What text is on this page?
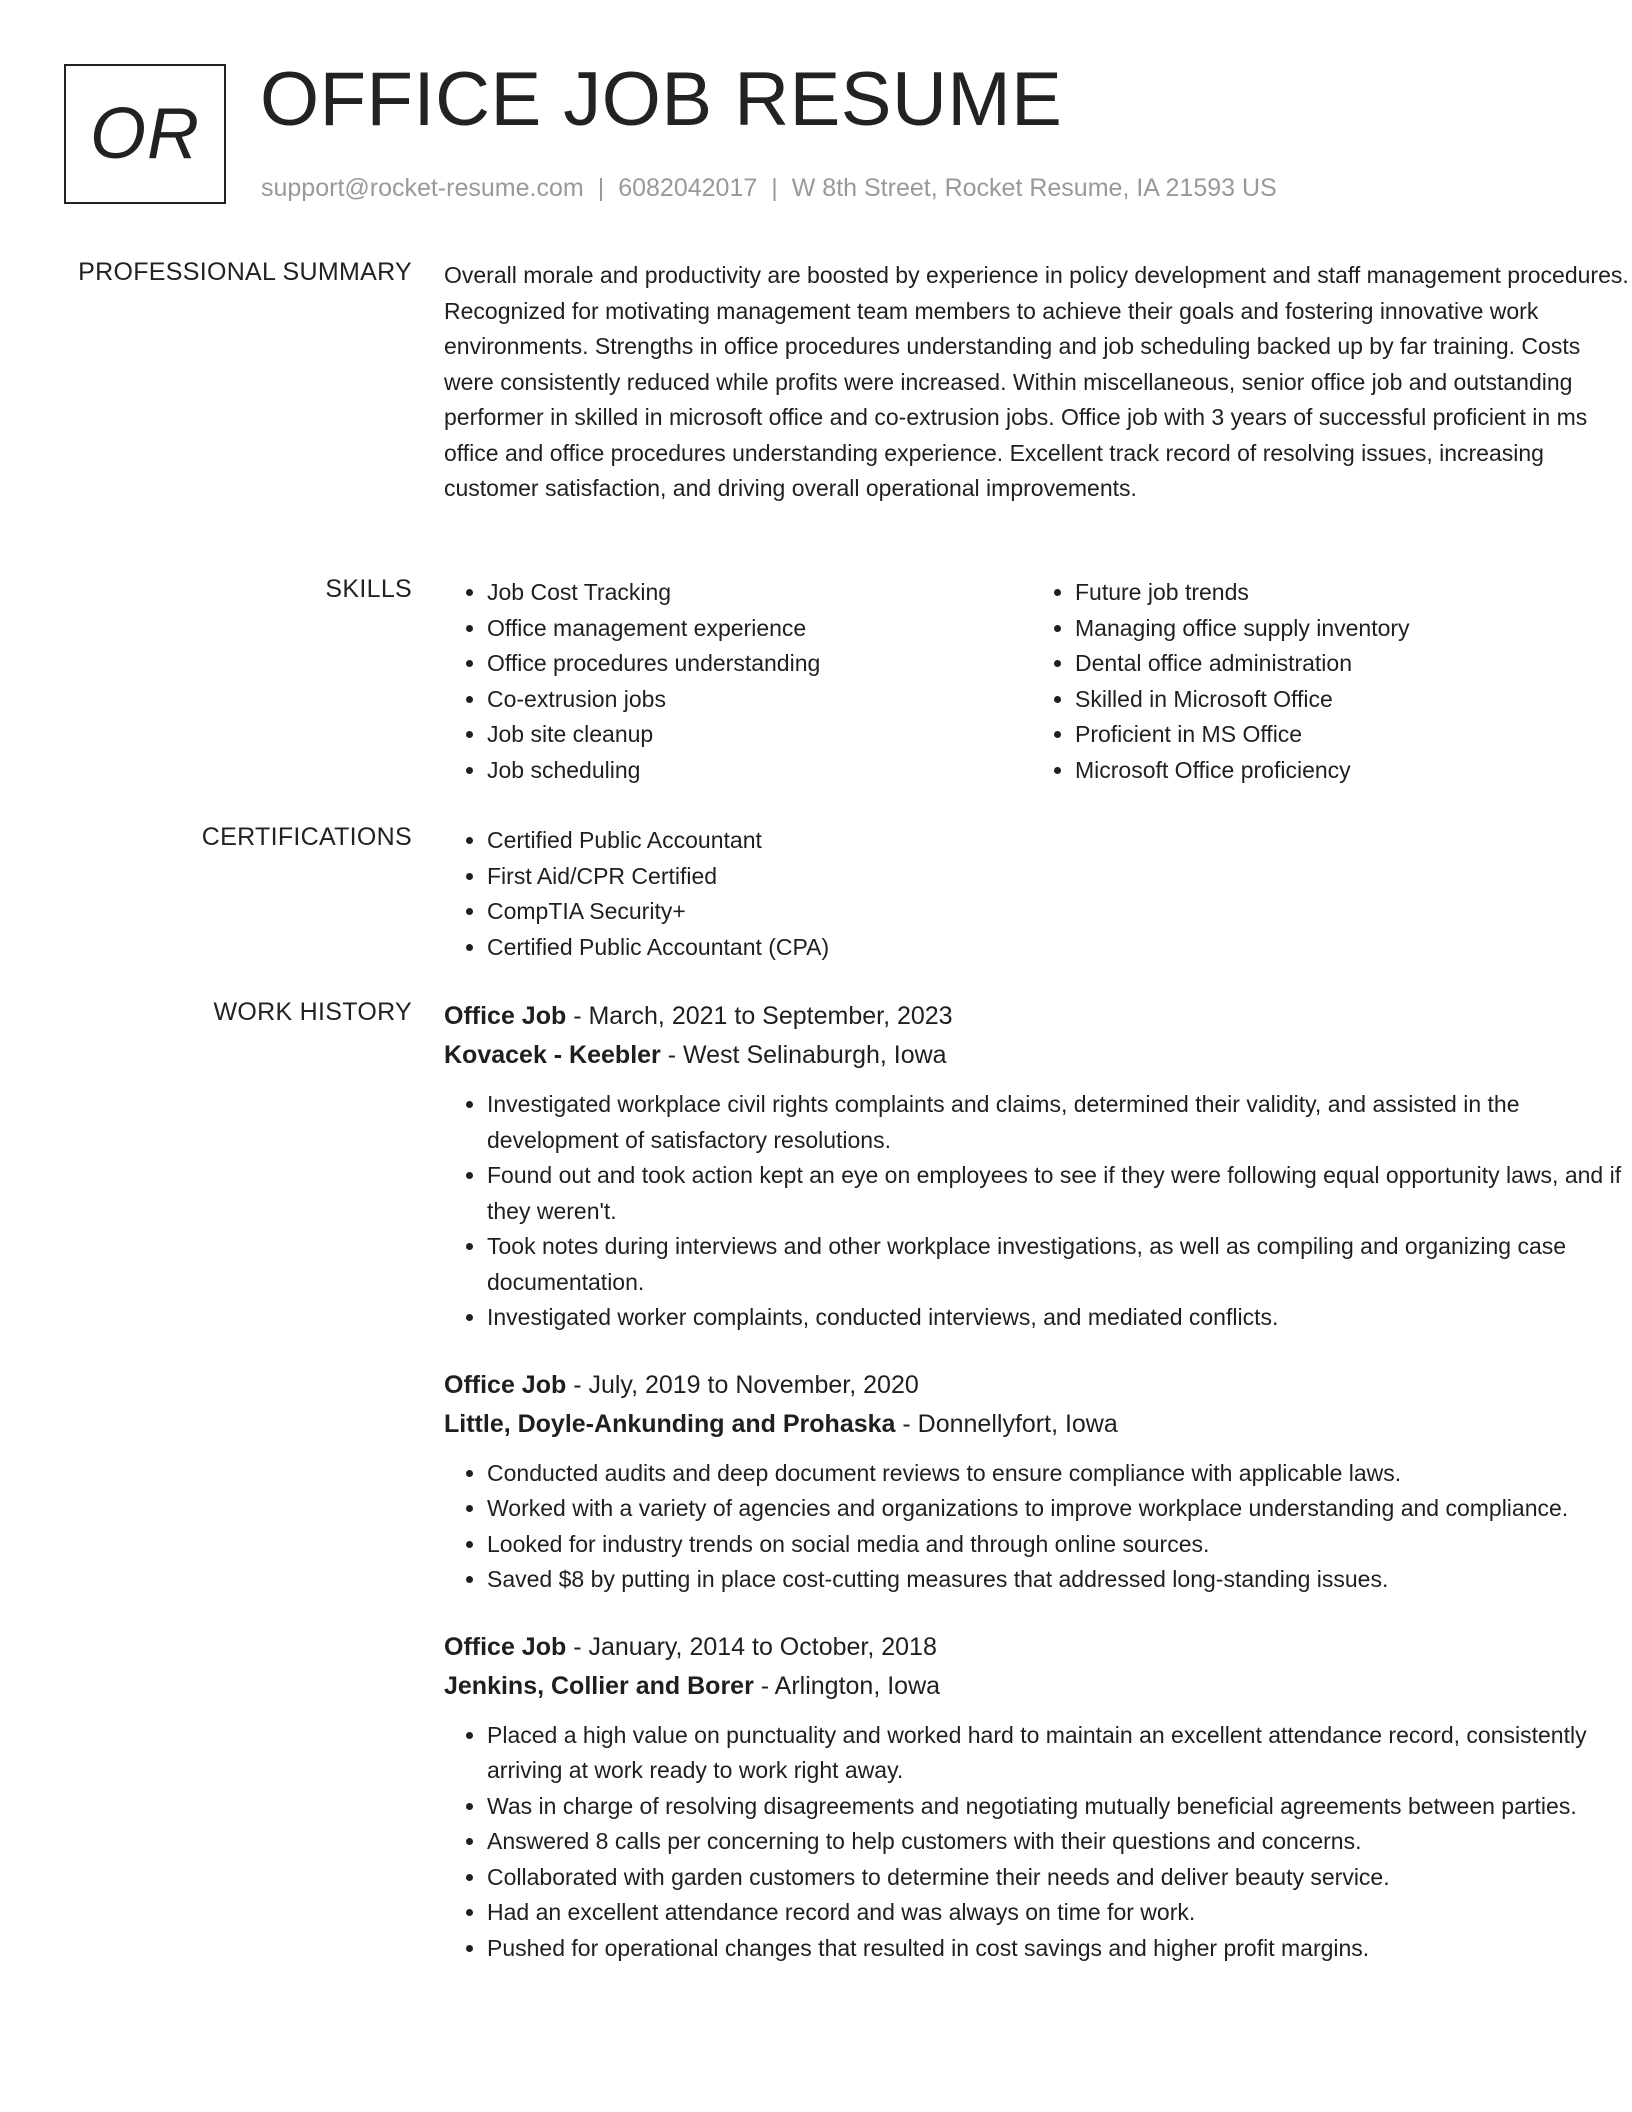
OR OFFICE JOB RESUME
support@rocket-resume.com | 6082042017 | W 8th Street, Rocket Resume, IA 21593 US
PROFESSIONAL SUMMARY Overall morale and productivity are boosted by experience in policy development and staff management procedures. Recognized for motivating management team members to achieve their goals and fostering innovative work environments. Strengths in office procedures understanding and job scheduling backed up by far training. Costs were consistently reduced while profits were increased. Within miscellaneous, senior office job and outstanding performer in skilled in microsoft office and co-extrusion jobs. Office job with 3 years of successful proficient in ms office and office procedures understanding experience. Excellent track record of resolving issues, increasing customer satisfaction, and driving overall operational improvements.

SKILLS	• Job Cost Tracking
• Office management experience
• Office procedures understanding
• Co-extrusion jobs
• Job site cleanup
• Job scheduling
• Future job trends
• Managing office supply inventory
• Dental office administration
• Skilled in Microsoft Office
• Proficient in MS Office
• Microsoft Office proficiency
CERTIFICATIONS	• Certified Public Accountant
• First Aid/CPR Certified
• CompTIA Security+
• Certified Public Accountant (CPA)
WORK HISTORY Office Job - March, 2021 to September, 2023
Kovacek - Keebler - West Selinaburgh, Iowa
• Investigated workplace civil rights complaints and claims, determined their validity, and assisted in the development of satisfactory resolutions.
• Found out and took action kept an eye on employees to see if they were following equal opportunity laws, and if they weren't.
• Took notes during interviews and other workplace investigations, as well as compiling and organizing case documentation.
• Investigated worker complaints, conducted interviews, and mediated conflicts.
Office Job - July, 2019 to November, 2020
Little, Doyle-Ankunding and Prohaska - Donnellyfort, Iowa
• Conducted audits and deep document reviews to ensure compliance with applicable laws.
• Worked with a variety of agencies and organizations to improve workplace understanding and compliance.
• Looked for industry trends on social media and through online sources.
• Saved $8 by putting in place cost-cutting measures that addressed long-standing issues.
Office Job - January, 2014 to October, 2018
Jenkins, Collier and Borer - Arlington, Iowa
• Placed a high value on punctuality and worked hard to maintain an excellent attendance record, consistently arriving at work ready to work right away.
• Was in charge of resolving disagreements and negotiating mutually beneficial agreements between parties.
• Answered 8 calls per concerning to help customers with their questions and concerns.
• Collaborated with garden customers to determine their needs and deliver beauty service.
• Had an excellent attendance record and was always on time for work.
• Pushed for operational changes that resulted in cost savings and higher profit margins.
